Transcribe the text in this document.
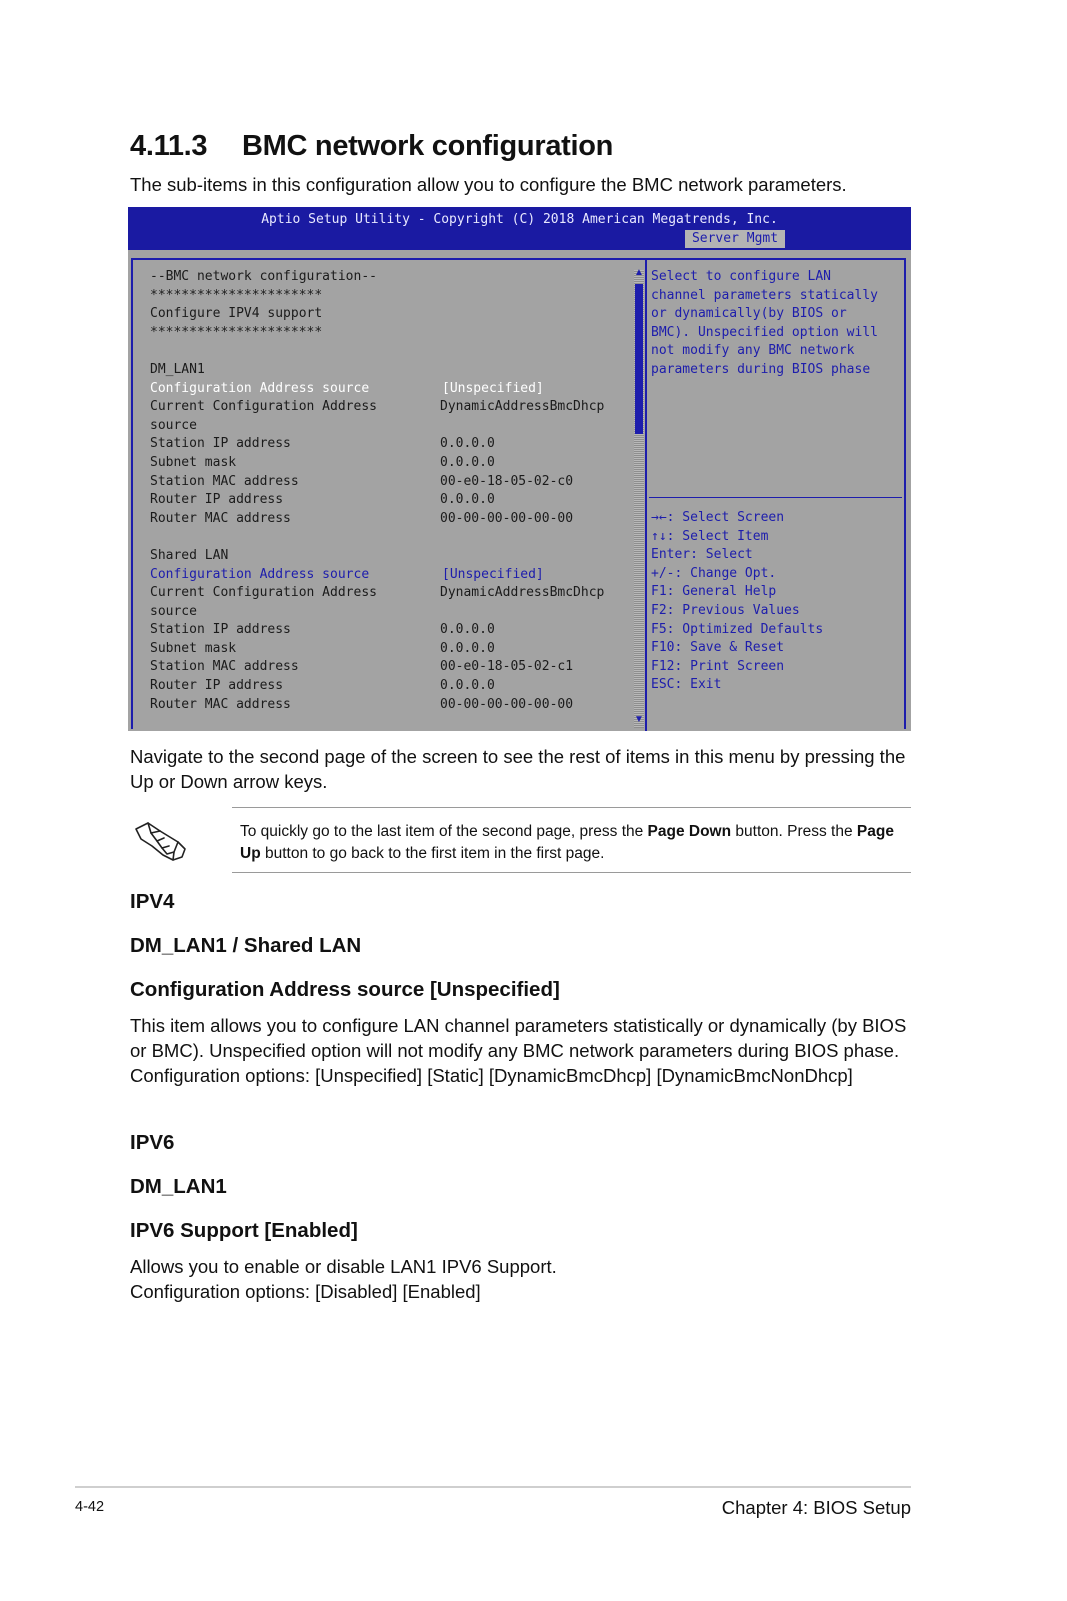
4.11.3 BMC network configuration
The sub-items in this configuration allow you to configure the BMC network parameters.
Aptio Setup Utility - Copyright (C) 2018 American Megatrends, Inc.
Server Mgmt
--BMC network configuration--
**********************
Configure IPV4 support
**********************
DM_LAN1
Configuration Address source	[Unspecified]
Current Configuration Address	DynamicAddressBmcDhcp
source
Station IP address	0.0.0.0
Subnet mask	0.0.0.0
Station MAC address	00-e0-18-05-02-c0
Router IP address	0.0.0.0
Router MAC address	00-00-00-00-00-00
Shared LAN
Configuration Address source	[Unspecified]
Current Configuration Address	DynamicAddressBmcDhcp
source
Station IP address	0.0.0.0
Subnet mask	0.0.0.0
Station MAC address	00-e0-18-05-02-c1
Router IP address	0.0.0.0
Router MAC address	00-00-00-00-00-00
▲
▼
Select to configure LAN
channel parameters statically
or dynamically(by BIOS or
BMC). Unspecified option will
not modify any BMC network
parameters during BIOS phase
→←: Select Screen
↑↓: Select Item
Enter: Select
+/-: Change Opt.
F1: General Help
F2: Previous Values
F5: Optimized Defaults
F10: Save & Reset
F12: Print Screen
ESC: Exit
Navigate to the second page of the screen to see the rest of items in this menu by pressing the Up or Down arrow keys.
To quickly go to the last item of the second page, press the Page Down button. Press the Page Up button to go back to the first item in the first page.
IPV4
DM_LAN1 / Shared LAN
Configuration Address source [Unspecified]
This item allows you to configure LAN channel parameters statistically or dynamically (by BIOS or BMC). Unspecified option will not modify any BMC network parameters during BIOS phase.
Configuration options: [Unspecified] [Static] [DynamicBmcDhcp] [DynamicBmcNonDhcp]
IPV6
DM_LAN1
IPV6 Support [Enabled]
Allows you to enable or disable LAN1 IPV6 Support.
Configuration options: [Disabled] [Enabled]
4-42	Chapter 4: BIOS Setup
